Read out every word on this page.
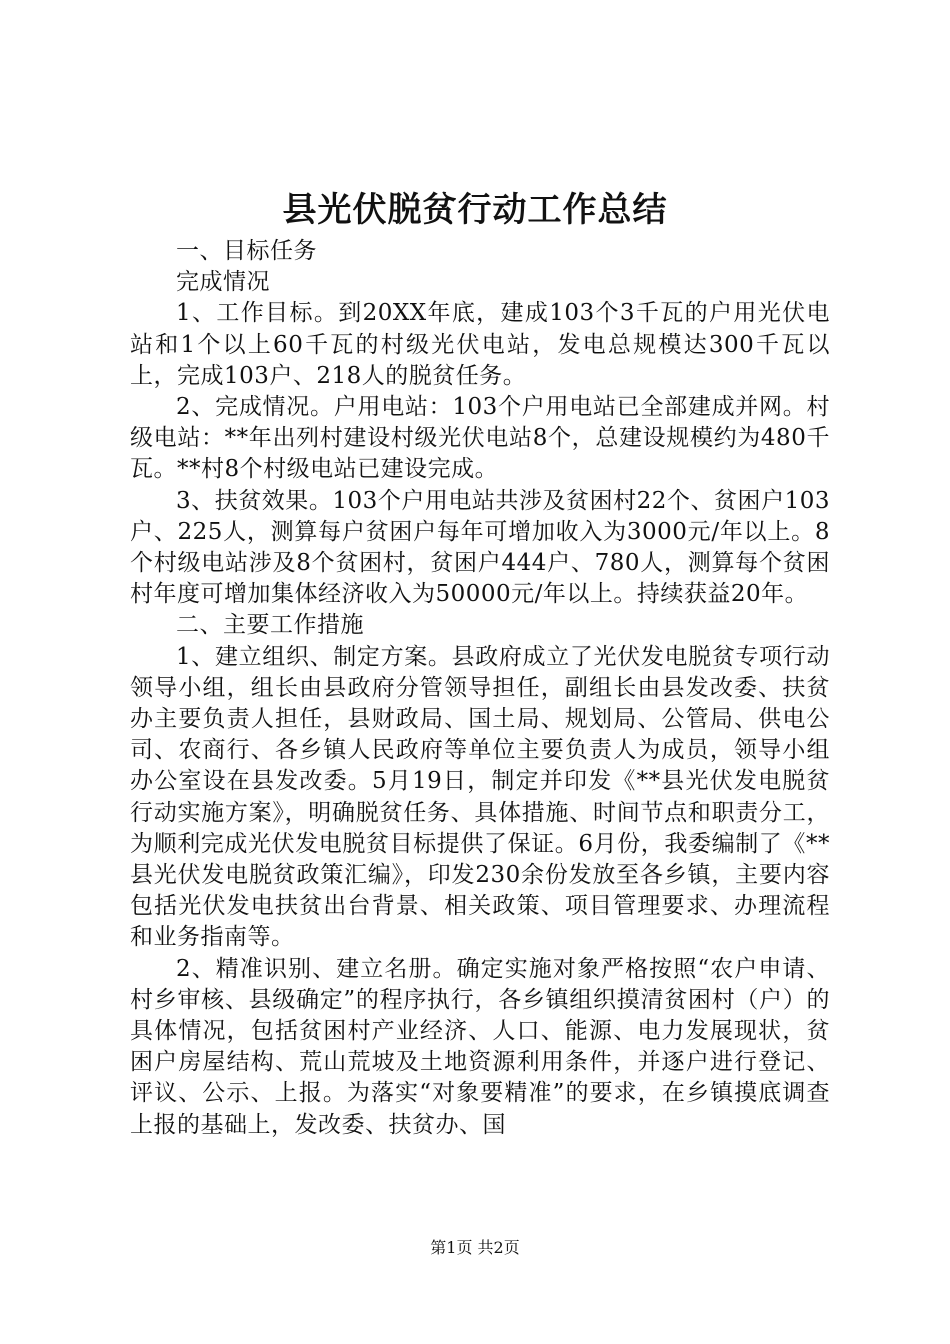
县光伏脱贫行动工作总结

一、目标任务

完成情况

1、工作目标。到20XX年底，建成103个3千瓦的户用光伏电站和1个以上60千瓦的村级光伏电站，发电总规模达300千瓦以上，完成103户、218人的脱贫任务。

2、完成情况。户用电站：103个户用电站已全部建成并网。村级电站：**年出列村建设村级光伏电站8个，总建设规模约为480千瓦。**村8个村级电站已建设完成。

3、扶贫效果。103个户用电站共涉及贫困村22个、贫困户103户、225人，测算每户贫困户每年可增加收入为3000元/年以上。8个村级电站涉及8个贫困村，贫困户444户、780人，测算每个贫困村年度可增加集体经济收入为50000元/年以上。持续获益20年。

二、主要工作措施

1、建立组织、制定方案。县政府成立了光伏发电脱贫专项行动领导小组，组长由县政府分管领导担任，副组长由县发改委、扶贫办主要负责人担任，县财政局、国土局、规划局、公管局、供电公司、农商行、各乡镇人民政府等单位主要负责人为成员，领导小组办公室设在县发改委。5月19日，制定并印发《**县光伏发电脱贫行动实施方案》，明确脱贫任务、具体措施、时间节点和职责分工，为顺利完成光伏发电脱贫目标提供了保证。6月份，我委编制了《**县光伏发电脱贫政策汇编》，印发230余份发放至各乡镇，主要内容包括光伏发电扶贫出台背景、相关政策、项目管理要求、办理流程和业务指南等。

2、精准识别、建立名册。确定实施对象严格按照“农户申请、村乡审核、县级确定”的程序执行，各乡镇组织摸清贫困村（户）的具体情况，包括贫困村产业经济、人口、能源、电力发展现状，贫困户房屋结构、荒山荒坡及土地资源利用条件，并逐户进行登记、评议、公示、上报。为落实“对象要精准”的要求，在乡镇摸底调查上报的基础上，发改委、扶贫办、国

第1页 共2页
